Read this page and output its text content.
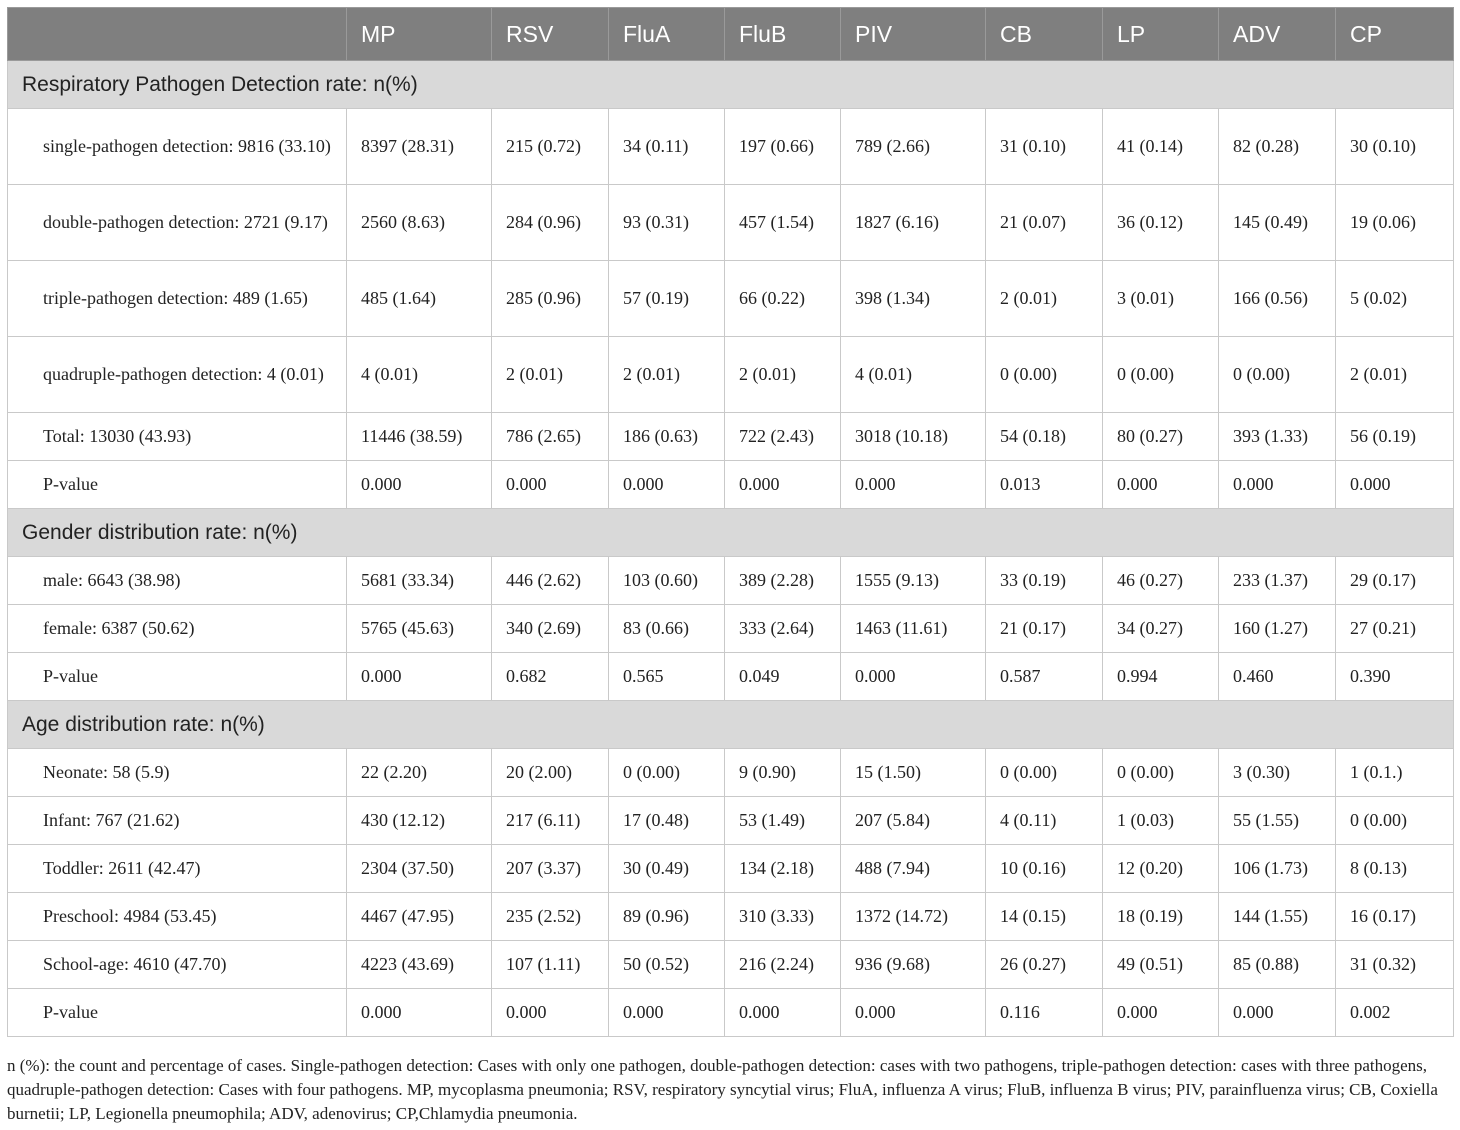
	MP	RSV	FluA	FluB	PIV	CB	LP	ADV	CP
Respiratory Pathogen Detection rate: n(%)									
single-pathogen detection: 9816 (33.10)	8397 (28.31)	215 (0.72)	34 (0.11)	197 (0.66)	789 (2.66)	31 (0.10)	41 (0.14)	82 (0.28)	30 (0.10)
double-pathogen detection: 2721 (9.17)	2560 (8.63)	284 (0.96)	93 (0.31)	457 (1.54)	1827 (6.16)	21 (0.07)	36 (0.12)	145 (0.49)	19 (0.06)
triple-pathogen detection: 489 (1.65)	485 (1.64)	285 (0.96)	57 (0.19)	66 (0.22)	398 (1.34)	2 (0.01)	3 (0.01)	166 (0.56)	5 (0.02)
quadruple-pathogen detection: 4 (0.01)	4 (0.01)	2 (0.01)	2 (0.01)	2 (0.01)	4 (0.01)	0 (0.00)	0 (0.00)	0 (0.00)	2 (0.01)
Total: 13030 (43.93)	11446 (38.59)	786 (2.65)	186 (0.63)	722 (2.43)	3018 (10.18)	54 (0.18)	80 (0.27)	393 (1.33)	56 (0.19)
P-value	0.000	0.000	0.000	0.000	0.000	0.013	0.000	0.000	0.000
Gender distribution rate: n(%)									
male: 6643 (38.98)	5681 (33.34)	446 (2.62)	103 (0.60)	389 (2.28)	1555 (9.13)	33 (0.19)	46 (0.27)	233 (1.37)	29 (0.17)
female: 6387 (50.62)	5765 (45.63)	340 (2.69)	83 (0.66)	333 (2.64)	1463 (11.61)	21 (0.17)	34 (0.27)	160 (1.27)	27 (0.21)
P-value	0.000	0.682	0.565	0.049	0.000	0.587	0.994	0.460	0.390
Age distribution rate: n(%)									
Neonate: 58 (5.9)	22 (2.20)	20 (2.00)	0 (0.00)	9 (0.90)	15 (1.50)	0 (0.00)	0 (0.00)	3 (0.30)	1 (0.1.)
Infant: 767 (21.62)	430 (12.12)	217 (6.11)	17 (0.48)	53 (1.49)	207 (5.84)	4 (0.11)	1 (0.03)	55 (1.55)	0 (0.00)
Toddler: 2611 (42.47)	2304 (37.50)	207 (3.37)	30 (0.49)	134 (2.18)	488 (7.94)	10 (0.16)	12 (0.20)	106 (1.73)	8 (0.13)
Preschool: 4984 (53.45)	4467 (47.95)	235 (2.52)	89 (0.96)	310 (3.33)	1372 (14.72)	14 (0.15)	18 (0.19)	144 (1.55)	16 (0.17)
School-age: 4610 (47.70)	4223 (43.69)	107 (1.11)	50 (0.52)	216 (2.24)	936 (9.68)	26 (0.27)	49 (0.51)	85 (0.88)	31 (0.32)
P-value	0.000	0.000	0.000	0.000	0.000	0.116	0.000	0.000	0.002

n (%): the count and percentage of cases. Single-pathogen detection: Cases with only one pathogen, double-pathogen detection: cases with two pathogens, triple-pathogen detection: cases with three pathogens, quadruple-pathogen detection: Cases with four pathogens. MP, mycoplasma pneumonia; RSV, respiratory syncytial virus; FluA, influenza A virus; FluB, influenza B virus; PIV, parainfluenza virus; CB, Coxiella burnetii; LP, Legionella pneumophila; ADV, adenovirus; CP,Chlamydia pneumonia.
